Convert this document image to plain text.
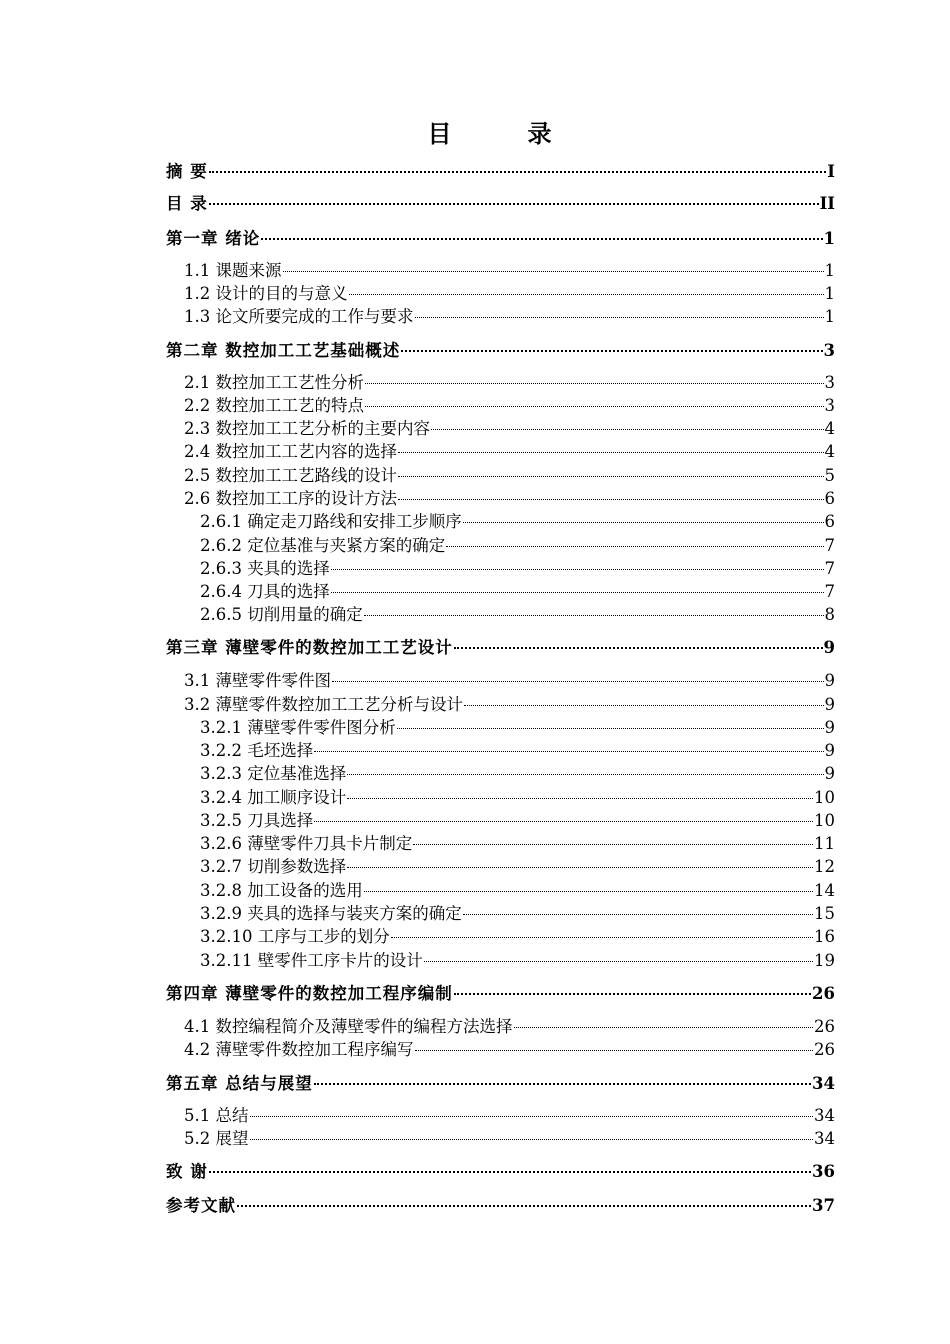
目　录
摘 要	I
目 录	II
第一章 绪论	1
1.1 课题来源	1
1.2 设计的目的与意义	1
1.3 论文所要完成的工作与要求	1
第二章 数控加工工艺基础概述	3
2.1 数控加工工艺性分析	3
2.2 数控加工工艺的特点	3
2.3 数控加工工艺分析的主要内容	4
2.4 数控加工工艺内容的选择	4
2.5 数控加工工艺路线的设计	5
2.6 数控加工工序的设计方法	6
2.6.1 确定走刀路线和安排工步顺序	6
2.6.2 定位基准与夹紧方案的确定	7
2.6.3 夹具的选择	7
2.6.4 刀具的选择	7
2.6.5 切削用量的确定	8
第三章 薄壁零件的数控加工工艺设计	9
3.1 薄壁零件零件图	9
3.2 薄壁零件数控加工工艺分析与设计	9
3.2.1 薄壁零件零件图分析	9
3.2.2 毛坯选择	9
3.2.3 定位基准选择	9
3.2.4 加工顺序设计	10
3.2.5 刀具选择	10
3.2.6 薄壁零件刀具卡片制定	11
3.2.7 切削参数选择	12
3.2.8 加工设备的选用	14
3.2.9 夹具的选择与装夹方案的确定	15
3.2.10 工序与工步的划分	16
3.2.11 壁零件工序卡片的设计	19
第四章 薄壁零件的数控加工程序编制	26
4.1 数控编程简介及薄壁零件的编程方法选择	26
4.2 薄壁零件数控加工程序编写	26
第五章 总结与展望	34
5.1 总结	34
5.2 展望	34
致 谢	36
参考文献	37
